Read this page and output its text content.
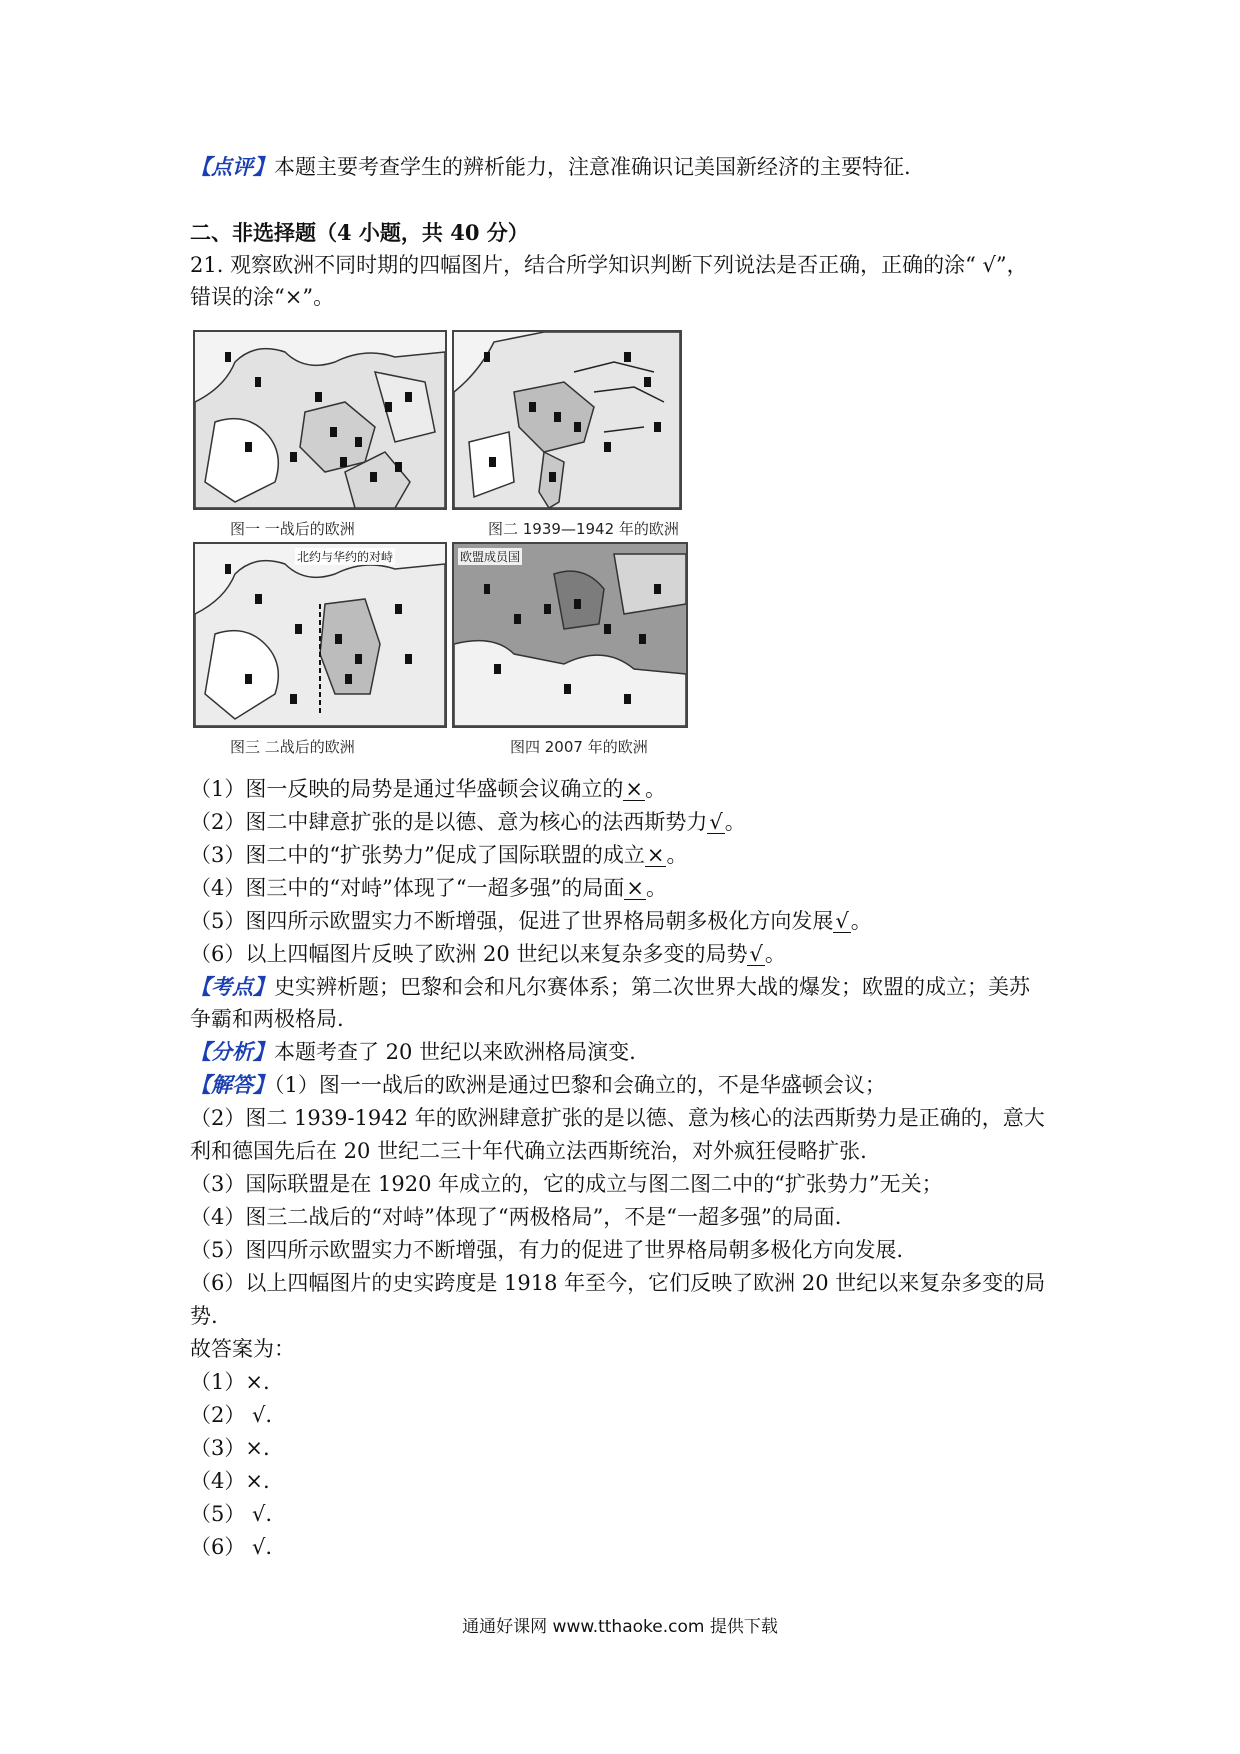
【点评】本题主要考查学生的辨析能力，注意准确识记美国新经济的主要特征.
二、非选择题（4 小题，共 40 分）
21. 观察欧洲不同时期的四幅图片，结合所学知识判断下列说法是否正确，正确的涂“ √”，
错误的涂“×”。
北约与华约的对峙	欧盟成员国
图一 一战后的欧洲	图二 1939—1942 年的欧洲
图三 二战后的欧洲	图四 2007 年的欧洲
（1）图一反映的局势是通过华盛顿会议确立的×。
（2）图二中肆意扩张的是以德、意为核心的法西斯势力√。
（3）图二中的“扩张势力”促成了国际联盟的成立×。
（4）图三中的“对峙”体现了“一超多强”的局面×。
（5）图四所示欧盟实力不断增强，促进了世界格局朝多极化方向发展√。
（6）以上四幅图片反映了欧洲 20 世纪以来复杂多变的局势√。
【考点】史实辨析题；巴黎和会和凡尔赛体系；第二次世界大战的爆发；欧盟的成立；美苏
争霸和两极格局.
【分析】本题考查了 20 世纪以来欧洲格局演变.
【解答】（1）图一一战后的欧洲是通过巴黎和会确立的，不是华盛顿会议；
（2）图二 1939-1942 年的欧洲肆意扩张的是以德、意为核心的法西斯势力是正确的，意大
利和德国先后在 20 世纪二三十年代确立法西斯统治，对外疯狂侵略扩张.
（3）国际联盟是在 1920 年成立的，它的成立与图二图二中的“扩张势力”无关；
（4）图三二战后的“对峙”体现了“两极格局”，不是“一超多强”的局面.
（5）图四所示欧盟实力不断增强，有力的促进了世界格局朝多极化方向发展.
（6）以上四幅图片的史实跨度是 1918 年至今，它们反映了欧洲 20 世纪以来复杂多变的局
势.
故答案为：
（1）×.
（2） √.
（3）×.
（4）×.
（5） √.
（6） √.
通通好课网 www.tthaoke.com 提供下载
